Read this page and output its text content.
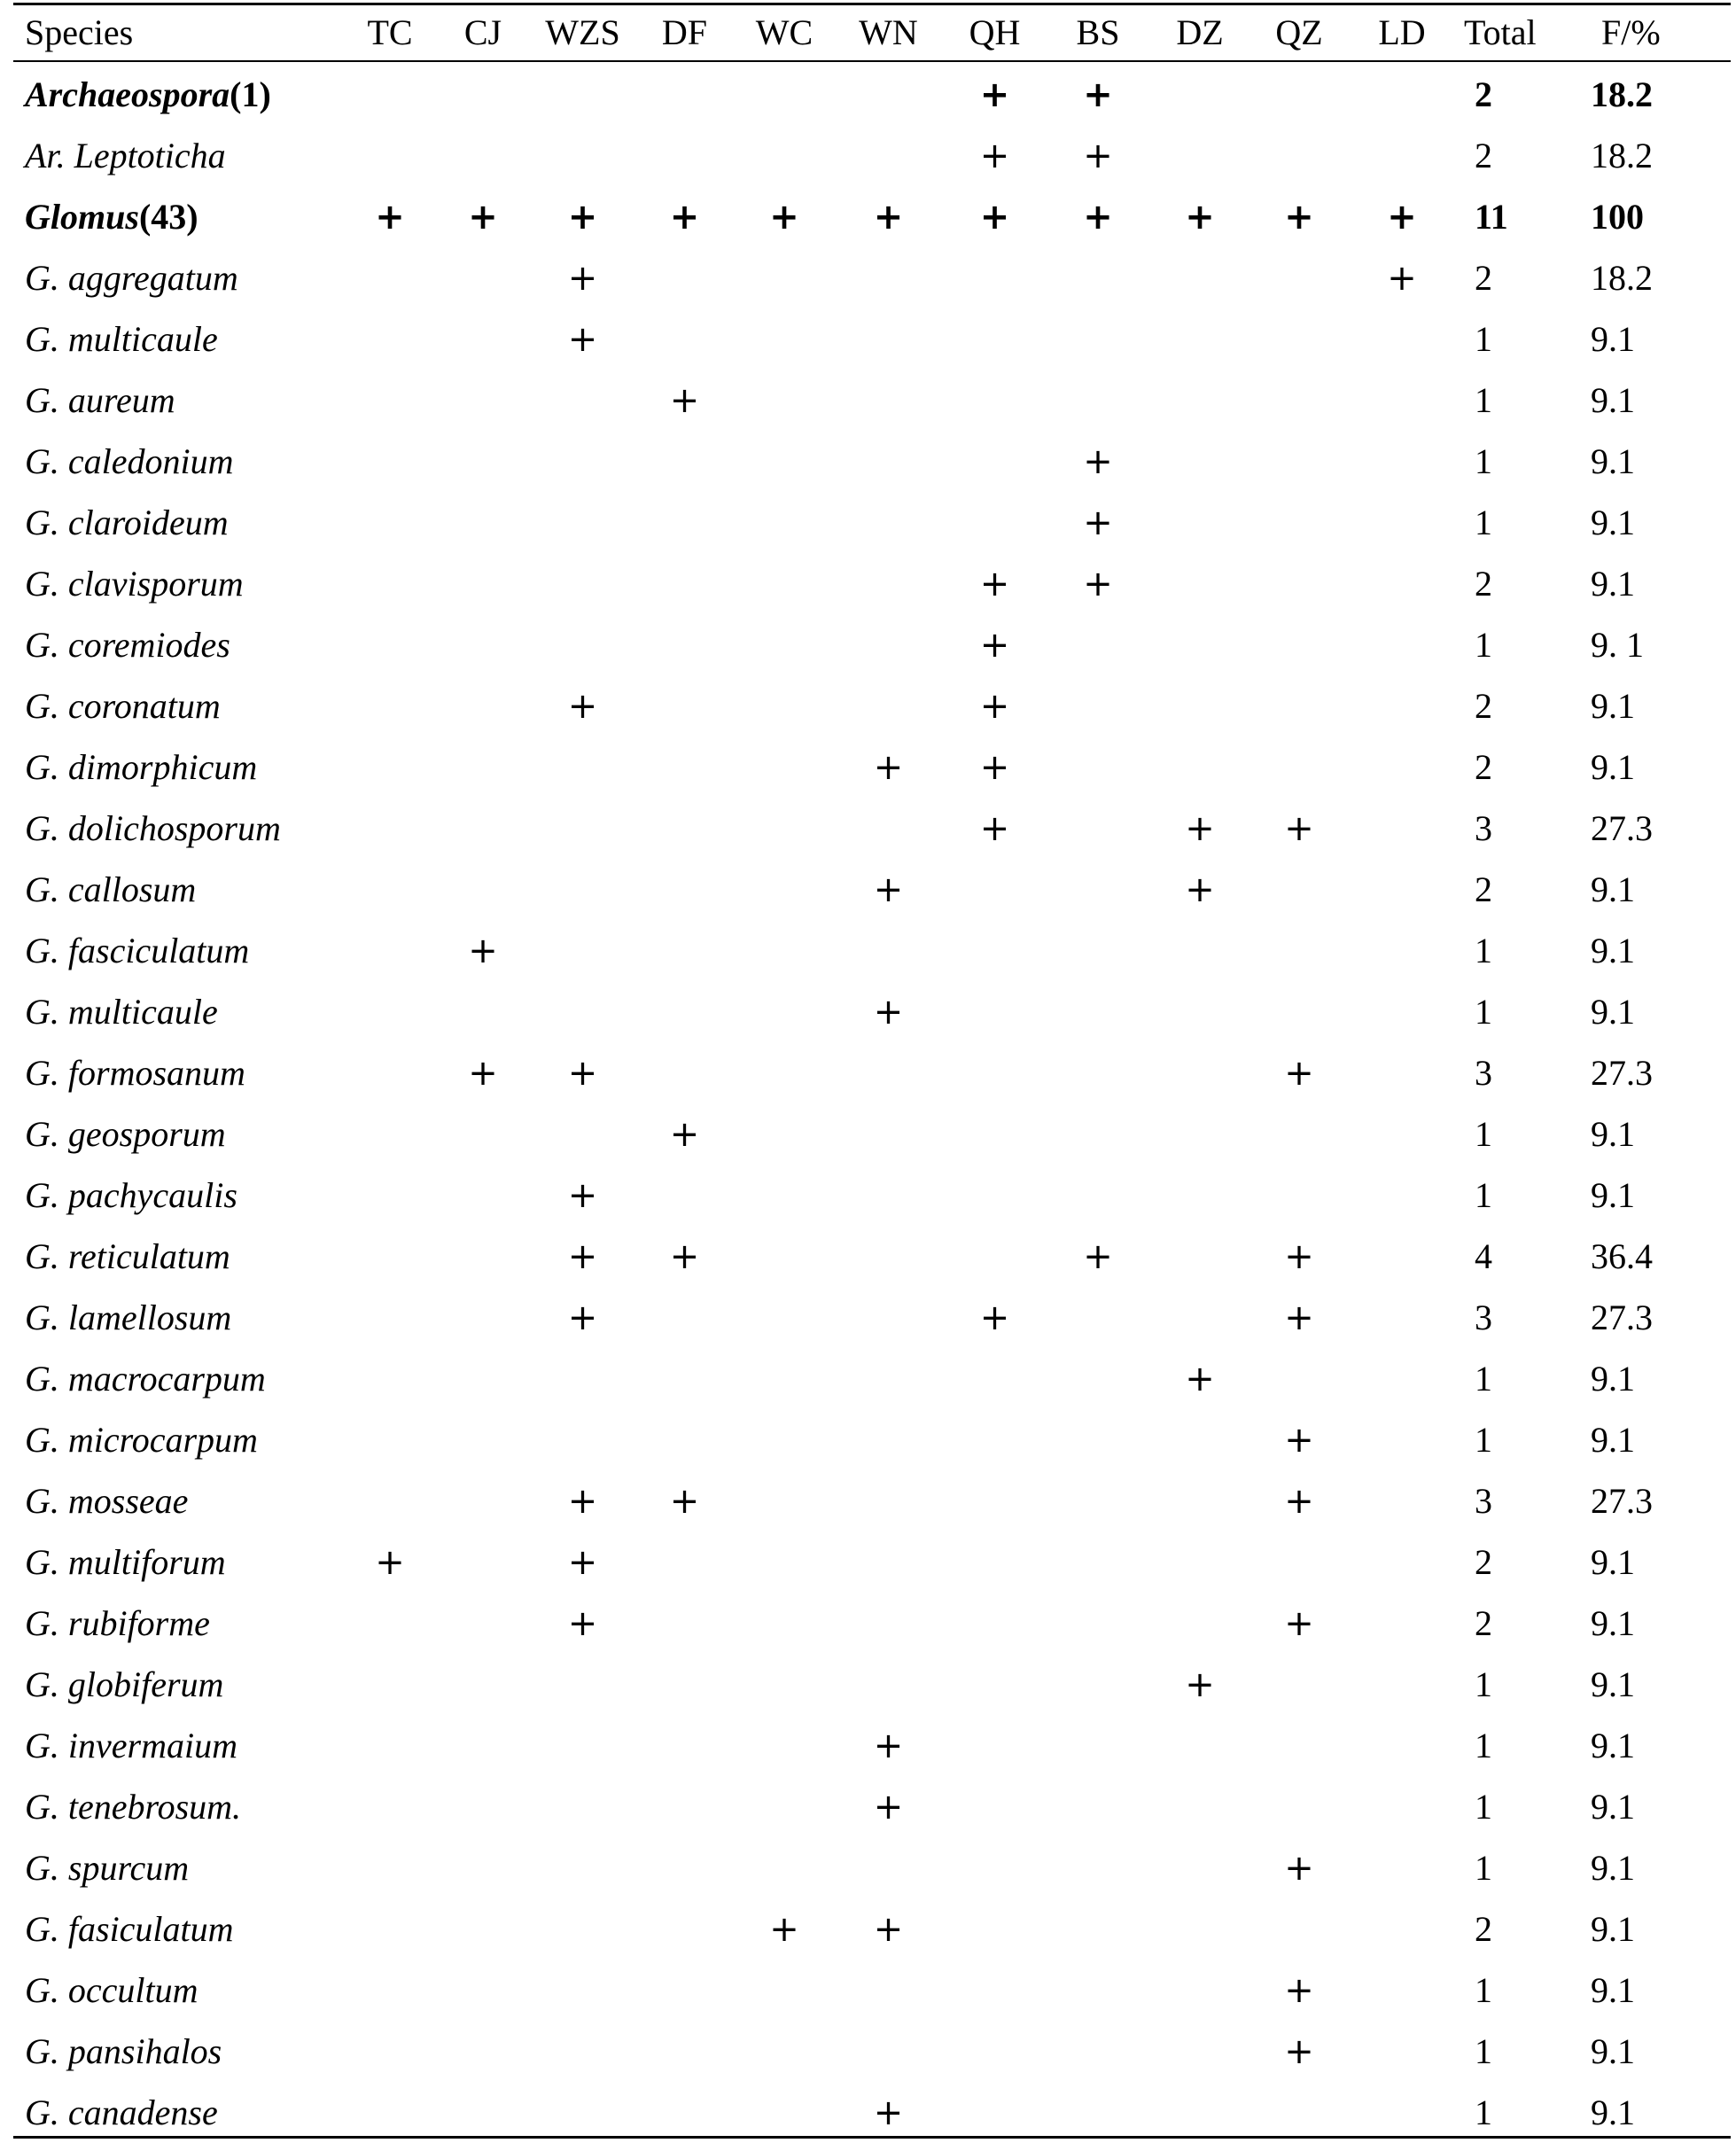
Species	TC	CJ	WZS	DF	WC	WN	QH	BS	DZ	QZ	LD	Total	F/%
Archaeospora(1)							+	+				2	18.2
Ar. Leptoticha							+	+				2	18.2
Glomus(43)	+	+	+	+	+	+	+	+	+	+	+	11	100
G. aggregatum			+								+	2	18.2
G. multicaule			+									1	9.1
G. aureum				+								1	9.1
G. caledonium								+				1	9.1
G. claroideum								+				1	9.1
G. clavisporum							+	+				2	9.1
G. coremiodes							+					1	9. 1
G. coronatum			+				+					2	9.1
G. dimorphicum						+	+					2	9.1
G. dolichosporum							+		+	+		3	27.3
G. callosum						+			+			2	9.1
G. fasciculatum		+										1	9.1
G. multicaule						+						1	9.1
G. formosanum		+	+							+		3	27.3
G. geosporum				+								1	9.1
G. pachycaulis			+									1	9.1
G. reticulatum			+	+				+		+		4	36.4
G. lamellosum			+				+			+		3	27.3
G. macrocarpum									+			1	9.1
G. microcarpum										+		1	9.1
G. mosseae			+	+						+		3	27.3
G. multiforum	+		+									2	9.1
G. rubiforme			+							+		2	9.1
G. globiferum									+			1	9.1
G. invermaium						+						1	9.1
G. tenebrosum.						+						1	9.1
G. spurcum										+		1	9.1
G. fasiculatum					+	+						2	9.1
G. occultum										+		1	9.1
G. pansihalos										+		1	9.1
G. canadense						+						1	9.1
